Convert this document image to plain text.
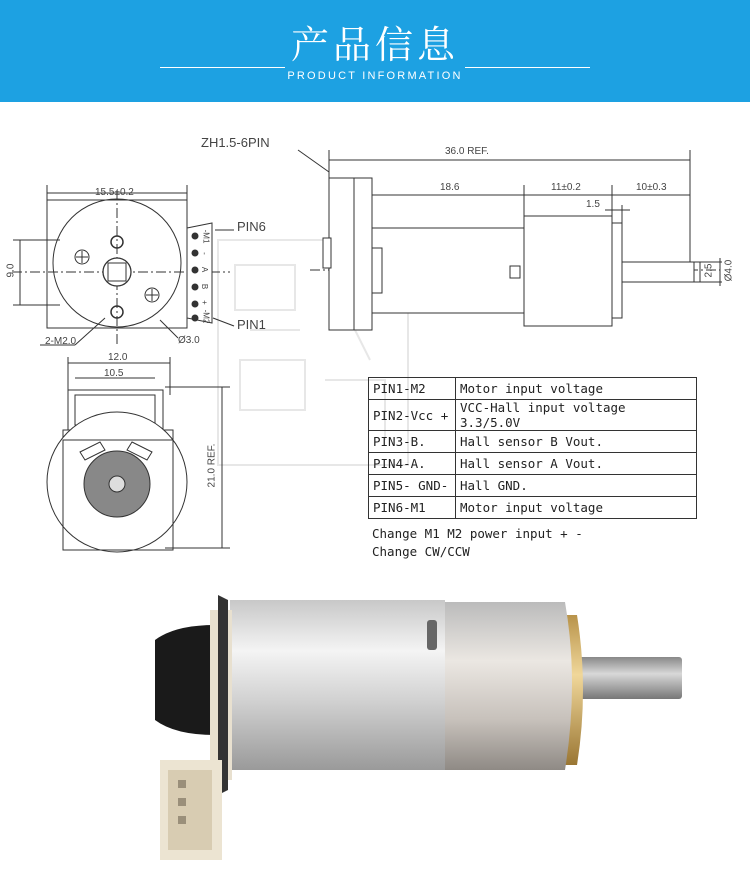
产品信息
PRODUCT INFORMATION
ZH1.5-6PIN
PIN6
PIN1
36.0 REF.
18.6	11±0.2	10±0.3
1.5
15.5±0.2
9.0	2.5 Ø4.0
2-M2.0	Ø3.0
12.0
10.5
21.0 REF.
-M1
-
A
B
+
-M2
PIN1-M2	Motor input voltage
PIN2-Vcc +	VCC-Hall input voltage 3.3/5.0V
PIN3-B.	Hall sensor B Vout.
PIN4-A.	Hall sensor A Vout.
PIN5- GND-	Hall GND.
PIN6-M1	Motor input voltage
Change M1 M2 power input + -
Change CW/CCW
